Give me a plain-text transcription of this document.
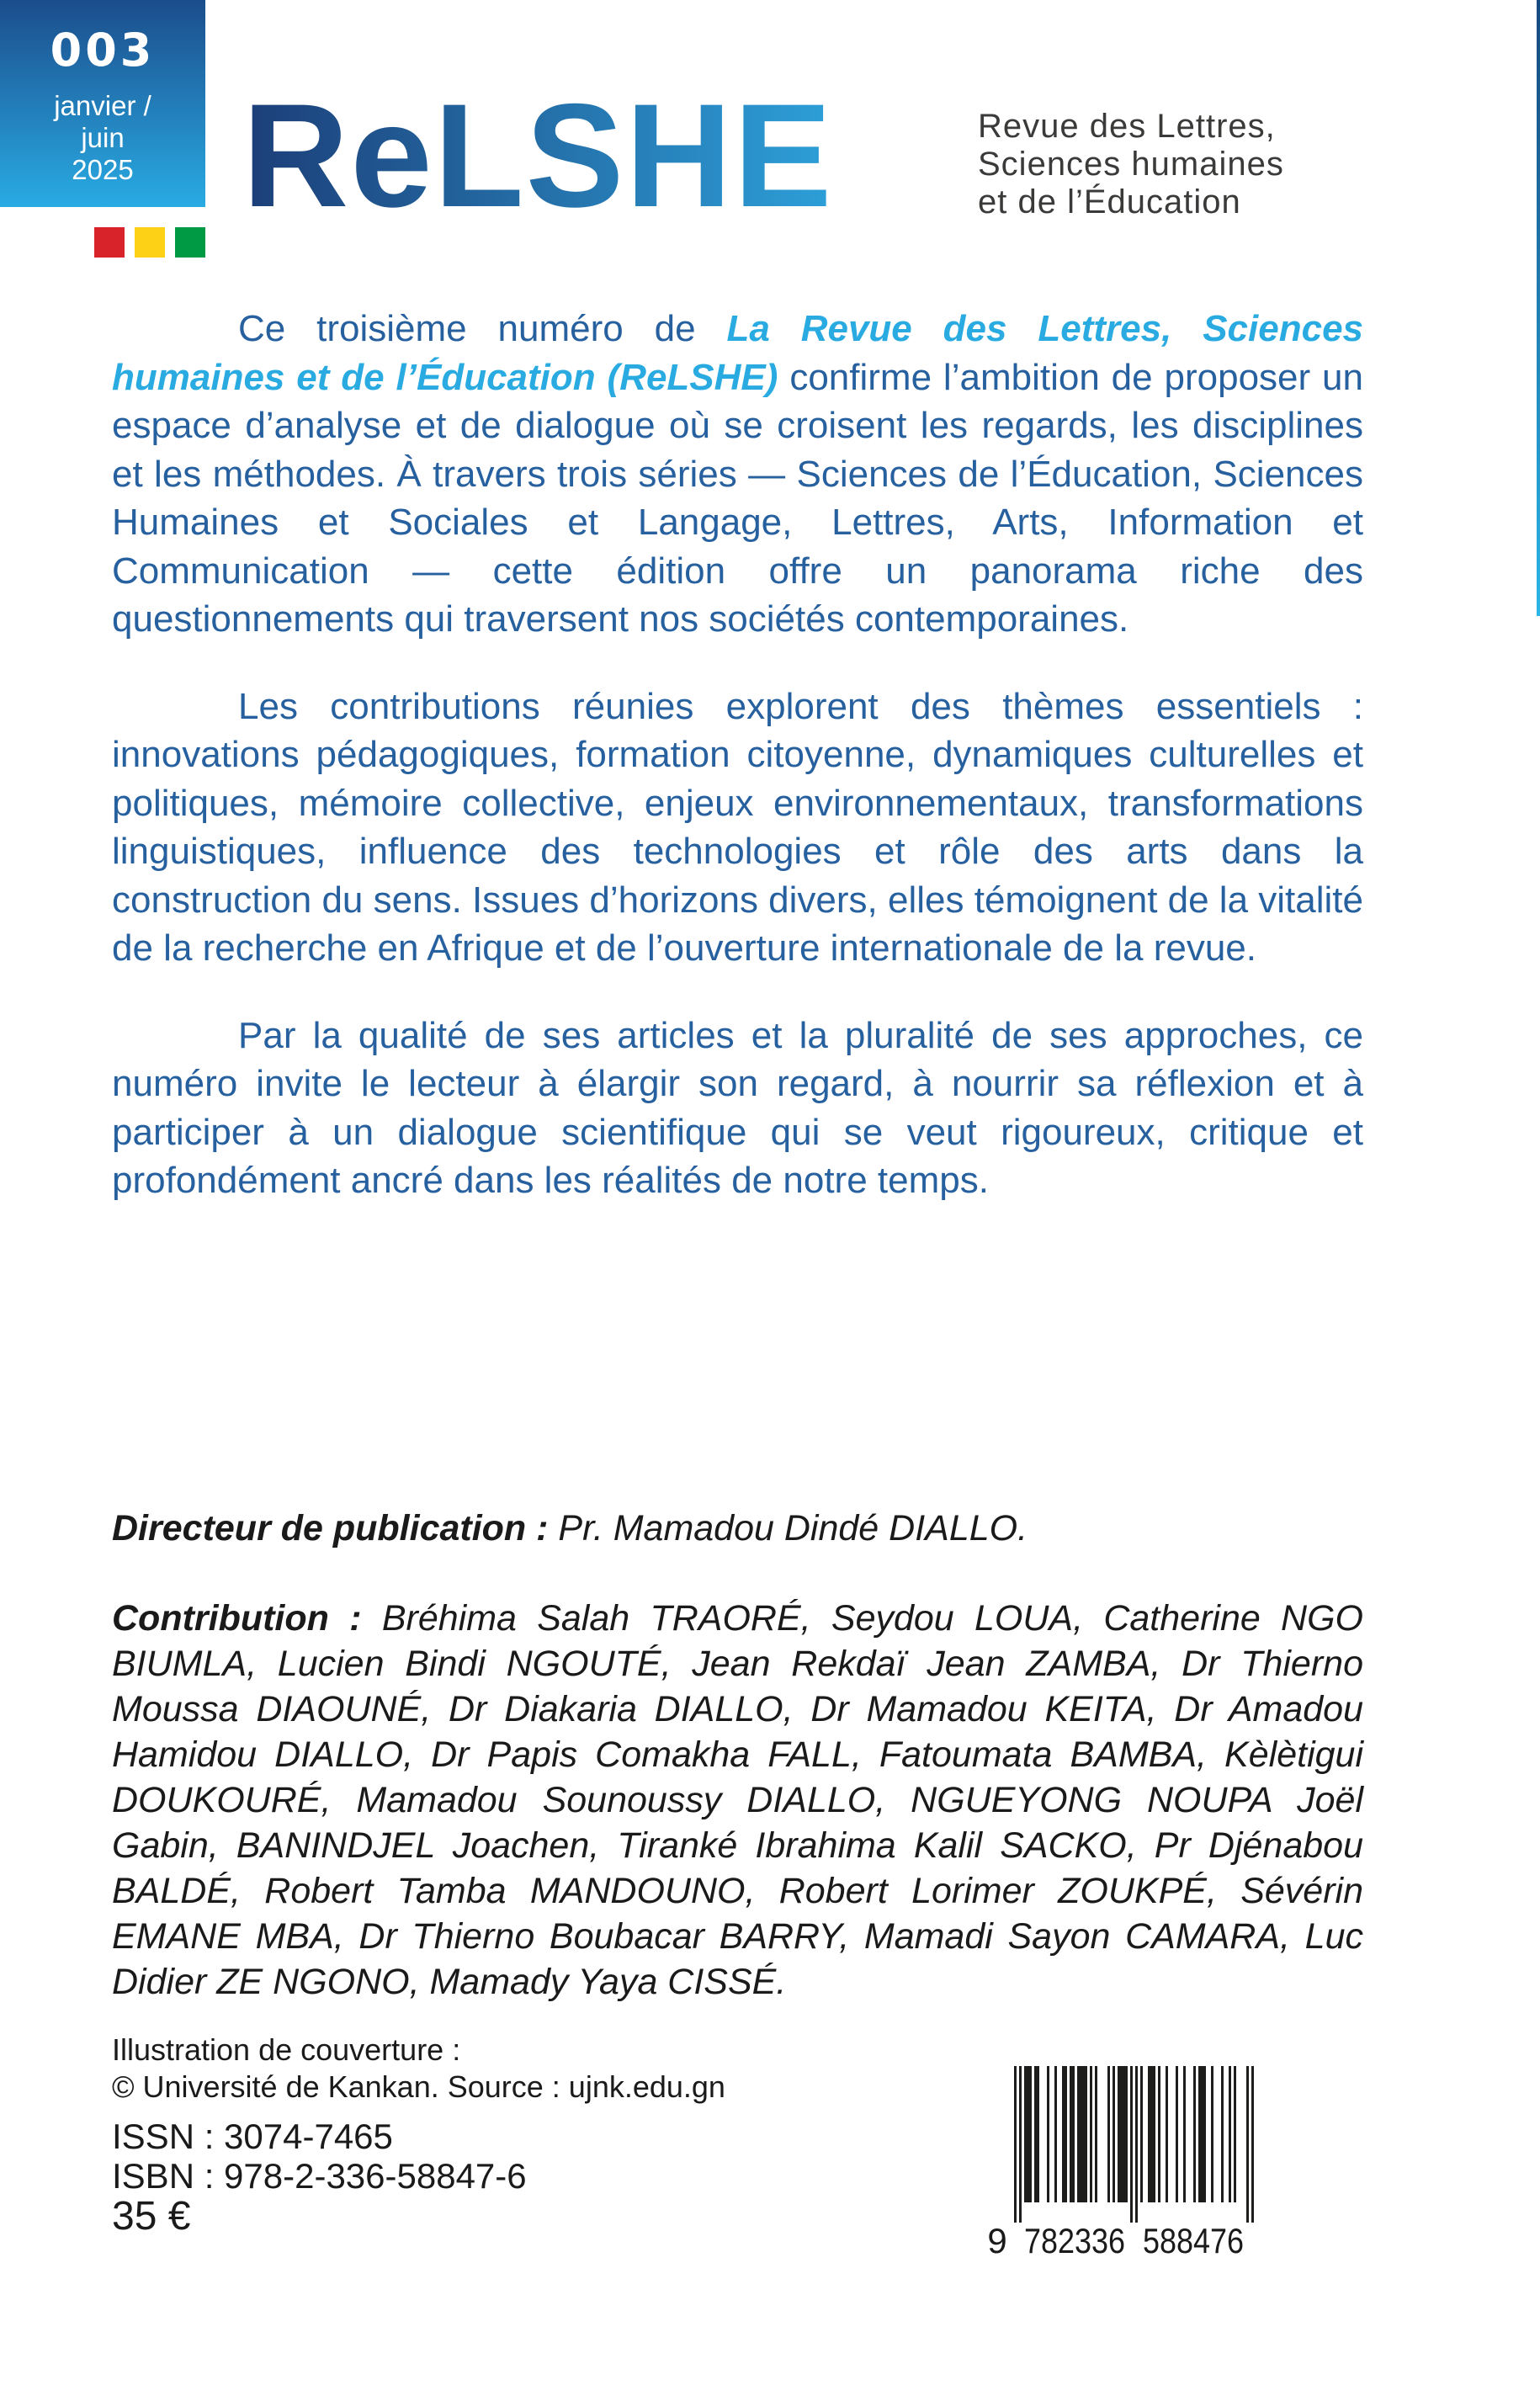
003
janvier /
juin
2025 ReLSHE	Revue des Lettres,
Sciences humaines
et de l’Éducation

Ce troisième numéro de La Revue des Lettres, Sciences humaines et de l’Éducation (ReLSHE) confirme l’ambition de proposer un espace d’analyse et de dialogue où se croisent les regards, les disciplines et les méthodes. À travers trois séries — Sciences de l’Éducation, Sciences Humaines et Sociales et Langage, Lettres, Arts, Information et Communication — cette édition offre un panorama riche des questionnements qui traversent nos sociétés contemporaines.

Les contributions réunies explorent des thèmes essentiels : innovations pédagogiques, formation citoyenne, dynamiques culturelles et politiques, mémoire collective, enjeux environnementaux, transformations linguistiques, influence des technologies et rôle des arts dans la construction du sens. Issues d’horizons divers, elles témoignent de la vitalité de la recherche en Afrique et de l’ouverture internationale de la revue.

Par la qualité de ses articles et la pluralité de ses approches, ce numéro invite le lecteur à élargir son regard, à nourrir sa réflexion et à participer à un dialogue scientifique qui se veut rigoureux, critique et profondément ancré dans les réalités de notre temps.

Directeur de publication : Pr. Mamadou Dindé DIALLO.
Contribution : Bréhima Salah TRAORÉ, Seydou LOUA, Catherine NGO BIUMLA, Lucien Bindi NGOUTÉ, Jean Rekdaï Jean ZAMBA, Dr Thierno Moussa DIAOUNÉ, Dr Diakaria DIALLO, Dr Mamadou KEITA, Dr Amadou Hamidou DIALLO, Dr Papis Comakha FALL, Fatoumata BAMBA, Kèlètigui DOUKOURÉ, Mamadou Sounoussy DIALLO, NGUEYONG NOUPA Joël Gabin, BANINDJEL Joachen, Tiranké Ibrahima Kalil SACKO, Pr Djénabou BALDÉ, Robert Tamba MANDOUNO, Robert Lorimer ZOUKPÉ, Sévérin EMANE MBA, Dr Thierno Boubacar BARRY, Mamadi Sayon CAMARA, Luc Didier ZE NGONO, Mamady Yaya CISSÉ.
Illustration de couverture :
© Université de Kankan. Source : ujnk.edu.gn
ISSN : 3074-7465
ISBN : 978-2-336-58847-6
35 €
9 782336 588476
